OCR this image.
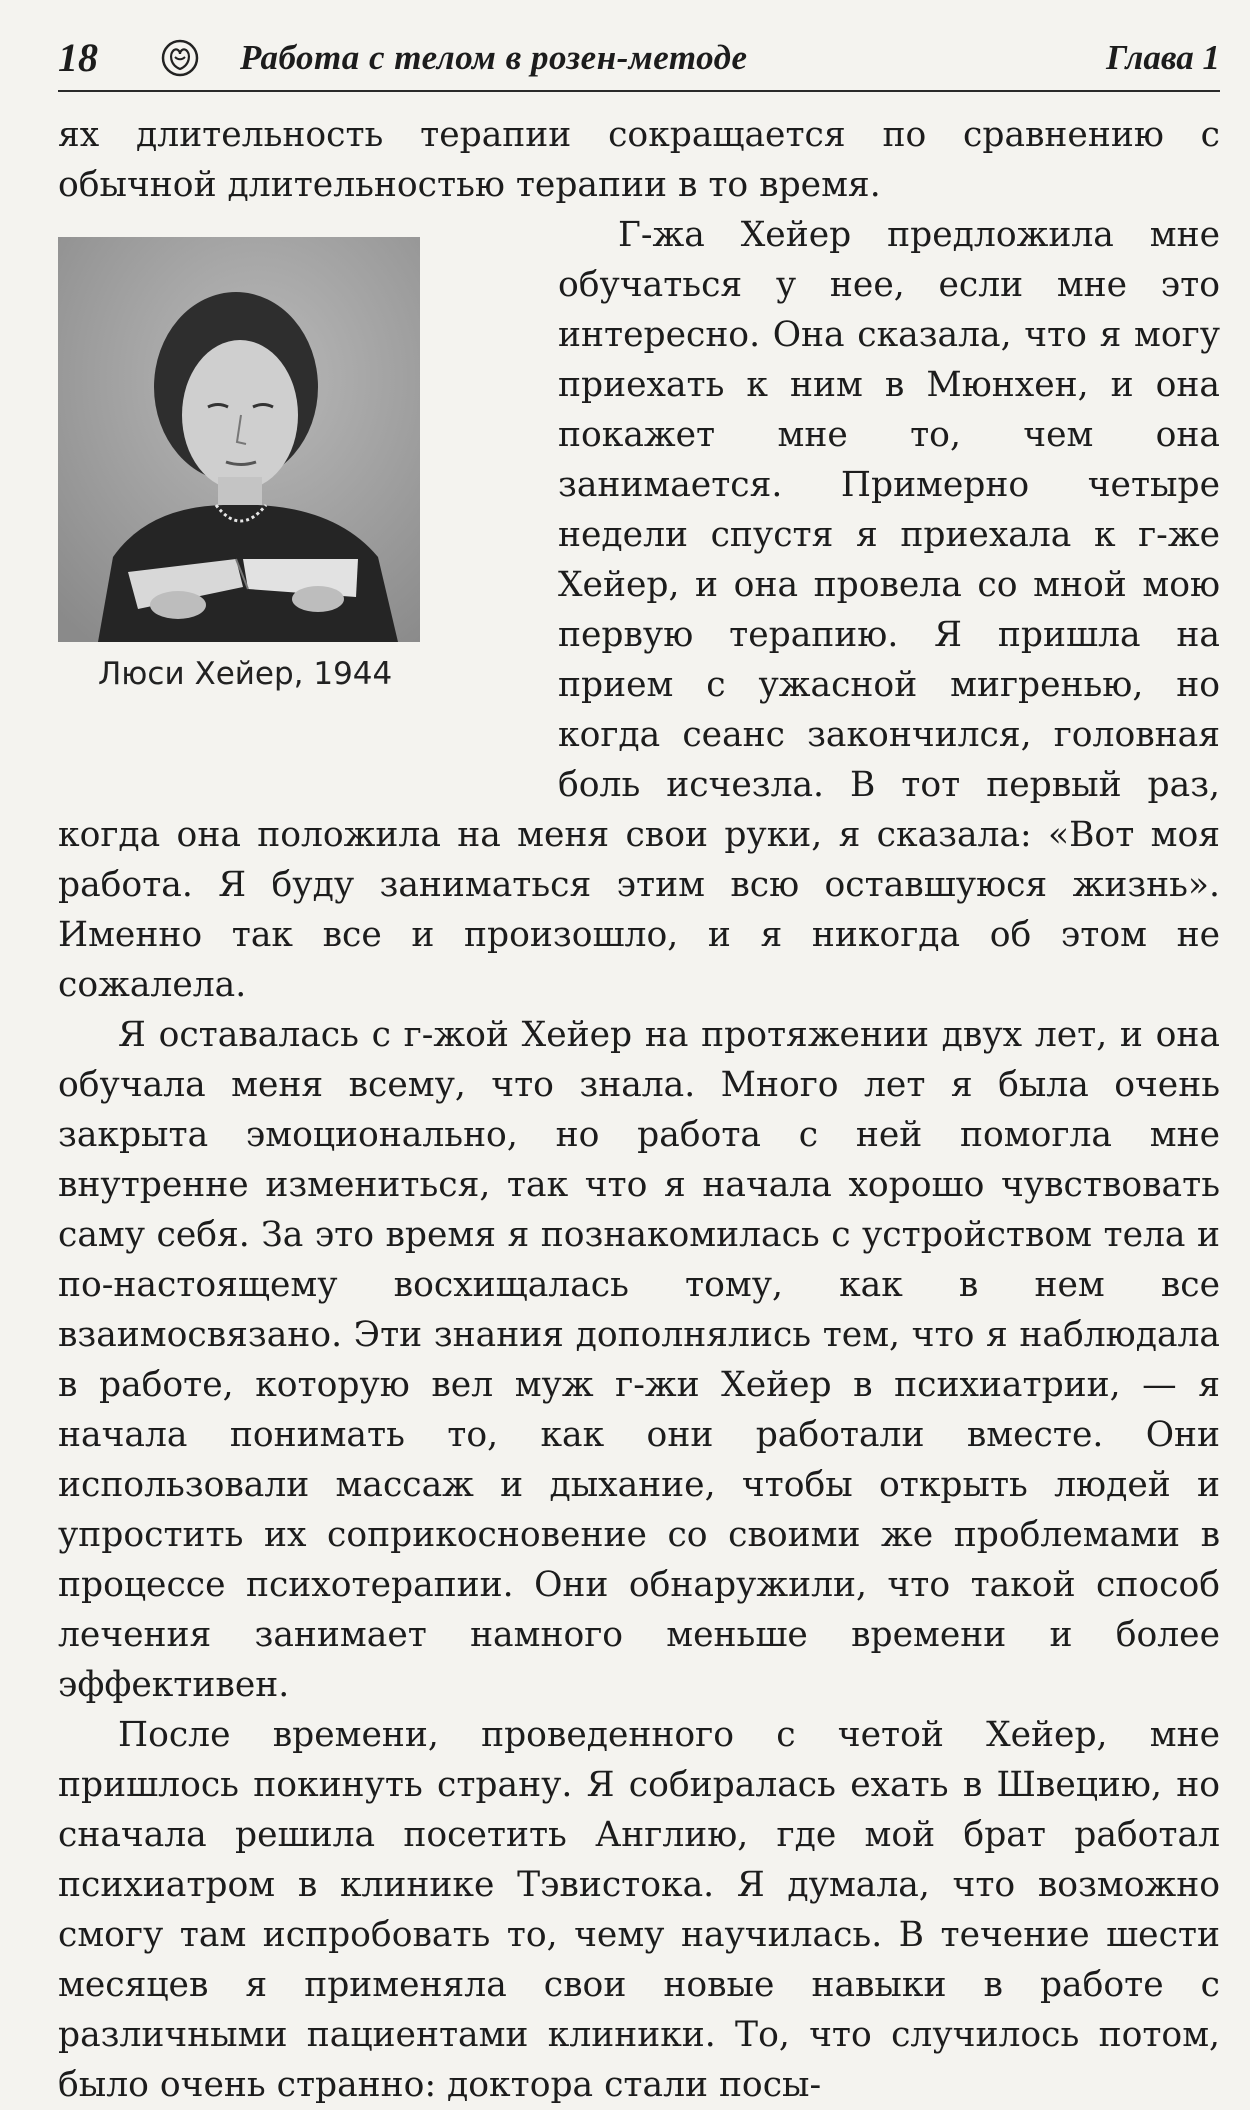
18	Работа с телом в розен-методе	Глава 1

ях длительность терапии сокращается по сравнению с обычной длительностью терапии в то время.

Люси Хейер, 1944

Г-жа Хейер предложила мне обучаться у нее, если мне это интересно. Она сказала, что я могу приехать к ним в Мюнхен, и она покажет мне то, чем она занимается. Примерно четыре недели спустя я приехала к г-же Хейер, и она провела со мной мою первую терапию. Я пришла на прием с ужасной мигренью, но когда сеанс закончился, головная боль исчезла. В тот первый раз, когда она положила на меня свои руки, я сказала: «Вот моя работа. Я буду заниматься этим всю оставшуюся жизнь». Именно так все и произошло, и я никогда об этом не сожалела.

Я оставалась с г-жой Хейер на протяжении двух лет, и она обучала меня всему, что знала. Много лет я была очень закрыта эмоционально, но работа с ней помогла мне внутренне измениться, так что я начала хорошо чувствовать саму себя. За это время я познакомилась с устройством тела и по-настоящему восхищалась тому, как в нем все взаимосвязано. Эти знания дополнялись тем, что я наблюдала в работе, которую вел муж г-жи Хейер в психиатрии, — я начала понимать то, как они работали вместе. Они использовали массаж и дыхание, чтобы открыть людей и упростить их соприкосновение со своими же проблемами в процессе психотерапии. Они обнаружили, что такой способ лечения занимает намного меньше времени и более эффективен.

После времени, проведенного с четой Хейер, мне пришлось покинуть страну. Я собиралась ехать в Швецию, но сначала решила посетить Англию, где мой брат работал психиатром в клинике Тэвистока. Я думала, что возможно смогу там испробовать то, чему научилась. В течение шести месяцев я применяла свои новые навыки в работе с различными пациентами клиники. То, что случилось потом, было очень странно: доктора стали посы-
